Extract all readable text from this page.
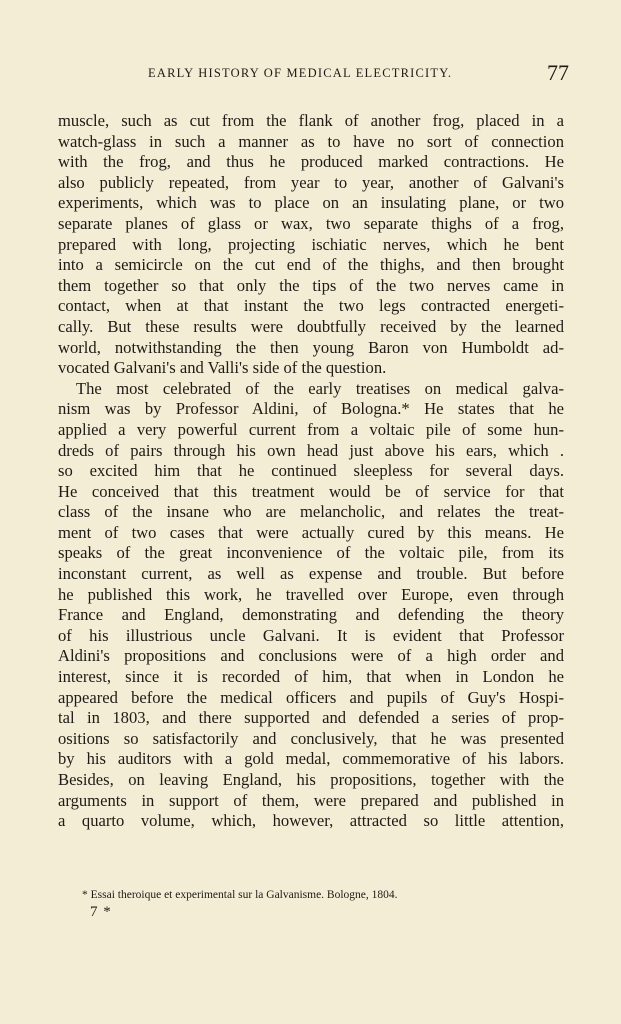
EARLY HISTORY OF MEDICAL ELECTRICITY.	77
muscle, such as cut from the flank of another frog, placed in a
watch-glass in such a manner as to have no sort of connection
with the frog, and thus he produced marked contractions. He
also publicly repeated, from year to year, another of Galvani's
experiments, which was to place on an insulating plane, or two
separate planes of glass or wax, two separate thighs of a frog,
prepared with long, projecting ischiatic nerves, which he bent
into a semicircle on the cut end of the thighs, and then brought
them together so that only the tips of the two nerves came in
contact, when at that instant the two legs contracted energeti-
cally. But these results were doubtfully received by the learned
world, notwithstanding the then young Baron von Humboldt ad-
vocated Galvani's and Valli's side of the question.
The most celebrated of the early treatises on medical galva-
nism was by Professor Aldini, of Bologna.* He states that he
applied a very powerful current from a voltaic pile of some hun-
dreds of pairs through his own head just above his ears, which .
so excited him that he continued sleepless for several days.
He conceived that this treatment would be of service for that
class of the insane who are melancholic, and relates the treat-
ment of two cases that were actually cured by this means. He
speaks of the great inconvenience of the voltaic pile, from its
inconstant current, as well as expense and trouble. But before
he published this work, he travelled over Europe, even through
France and England, demonstrating and defending the theory
of his illustrious uncle Galvani. It is evident that Professor
Aldini's propositions and conclusions were of a high order and
interest, since it is recorded of him, that when in London he
appeared before the medical officers and pupils of Guy's Hospi-
tal in 1803, and there supported and defended a series of prop-
ositions so satisfactorily and conclusively, that he was presented
by his auditors with a gold medal, commemorative of his labors.
Besides, on leaving England, his propositions, together with the
arguments in support of them, were prepared and published in
a quarto volume, which, however, attracted so little attention,
* Essai theroique et experimental sur la Galvanisme. Bologne, 1804.
7 *
